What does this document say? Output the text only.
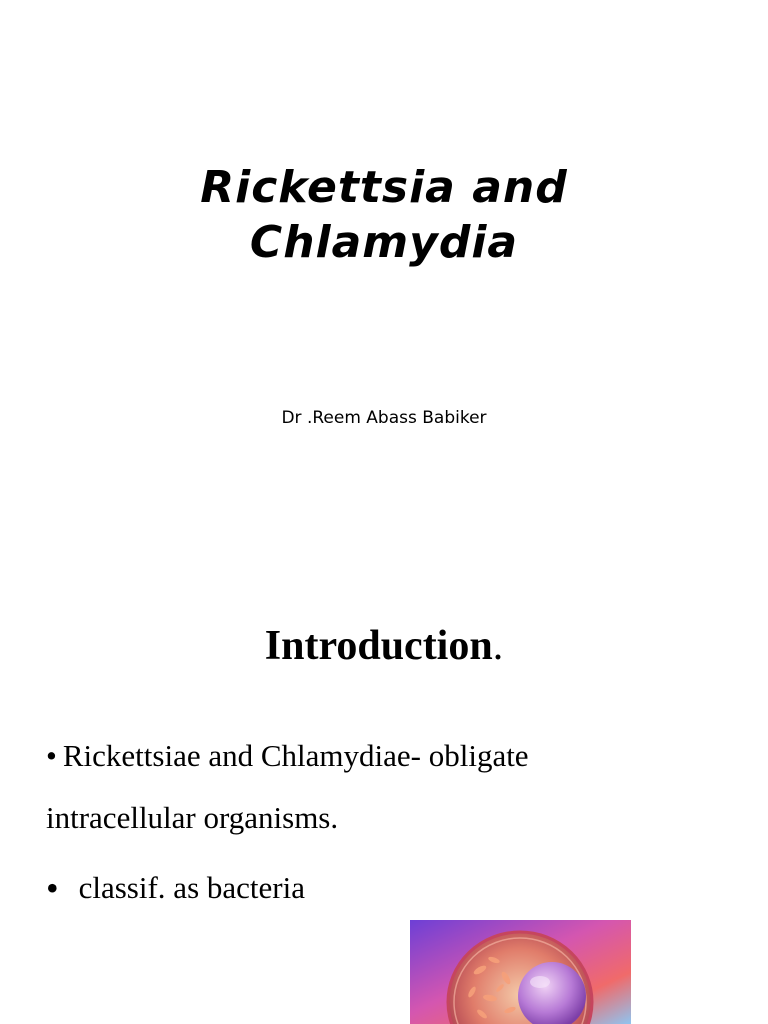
Rickettsia and
Chlamydia
Dr .Reem Abass Babiker
Introduction.
• Rickettsiae and Chlamydiae- obligate
intracellular organisms.
• classif. as bacteria
